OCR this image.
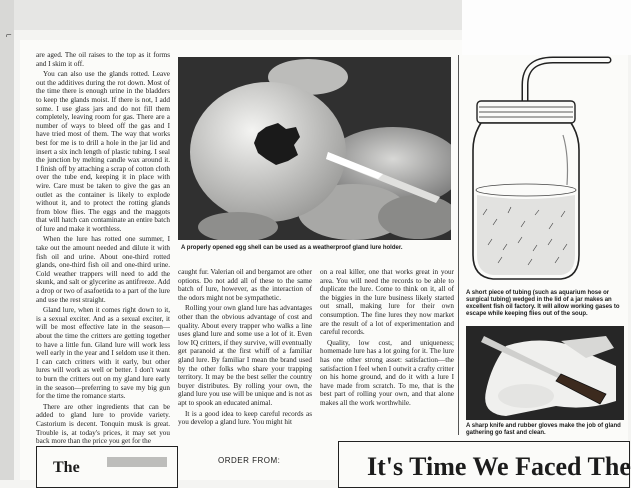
⌐

are aged. The oil raises to the top as it forms and I skim it off.

You can also use the glands rotted. Leave out the additives during the rot down. Most of the time there is enough urine in the bladders to keep the glands moist. If there is not, I add some. I use glass jars and do not fill them completely, leaving room for gas. There are a number of ways to bleed off the gas and I have tried most of them. The way that works best for me is to drill a hole in the jar lid and insert a six inch length of plastic tubing. I seal the junction by melting candle wax around it. I finish off by attaching a scrap of cotton cloth over the tube end, keeping it in place with wire. Care must be taken to give the gas an outlet as the container is likely to explode without it, and to protect the rotting glands from blow flies. The eggs and the maggots that will hatch can contaminate an entire batch of lure and make it worthless.

When the lure has rotted one summer, I take out the amount needed and dilute it with fish oil and urine. About one-third rotted glands, one-third fish oil and one-third urine. Cold weather trappers will need to add the skunk, and salt or glycerine as antifreeze. Add a drop or two of asafoetida to a part of the lure and use the rest straight.

Gland lure, when it comes right down to it, is a sexual exciter. And as a sexual exciter, it will be most effective late in the season—about the time the critters are getting together to have a little fun. Gland lure will work less well early in the year and I seldom use it then. I can catch critters with it early, but other lures will work as well or better. I don't want to burn the critters out on my gland lure early in the season—preferring to save my big gun for the time the romance starts.

There are other ingredients that can be added to gland lure to provide variety. Castorium is decent. Tonquin musk is great. Trouble is, at today's prices, it may set you back more than the price you get for the

A properly opened egg shell can be used as a weatherproof gland lure holder.

caught fur. Valerian oil and bergamot are other options. Do not add all of these to the same batch of lure, however, as the interaction of the odors might not be sympathetic.

Rolling your own gland lure has advantages other than the obvious advantage of cost and quality. About every trapper who walks a line uses gland lure and some use a lot of it. Even low IQ critters, if they survive, will eventually get paranoid at the first whiff of a familiar gland lure. By familiar I mean the brand used by the other folks who share your trapping territory. It may be the best seller the country buyer distributes. By rolling your own, the gland lure you use will be unique and is not as apt to spook an educated animal.

It is a good idea to keep careful records as you develop a gland lure. You might hit

on a real killer, one that works great in your area. You will need the records to be able to duplicate the lure. Come to think on it, all of the biggies in the lure business likely started out small, making lure for their own consumption. The fine lures they now market are the result of a lot of experimentation and careful records.

Quality, low cost, and uniqueness; homemade lure has a lot going for it. The lure has one other strong asset: satisfaction—the satisfaction I feel when I outwit a crafty critter on his home ground, and do it with a lure I have made from scratch. To me, that is the best part of rolling your own, and that alone makes all the work worthwhile.

A short piece of tubing (such as aquarium hose or surgical tubing) wedged in the lid of a jar makes an excellent fish oil factory. It will allow working gases to escape while keeping flies out of the soup.
A sharp knife and rubber gloves make the job of gland gathering go fast and clean.
The	ORDER FROM:	It's Time We Faced The
